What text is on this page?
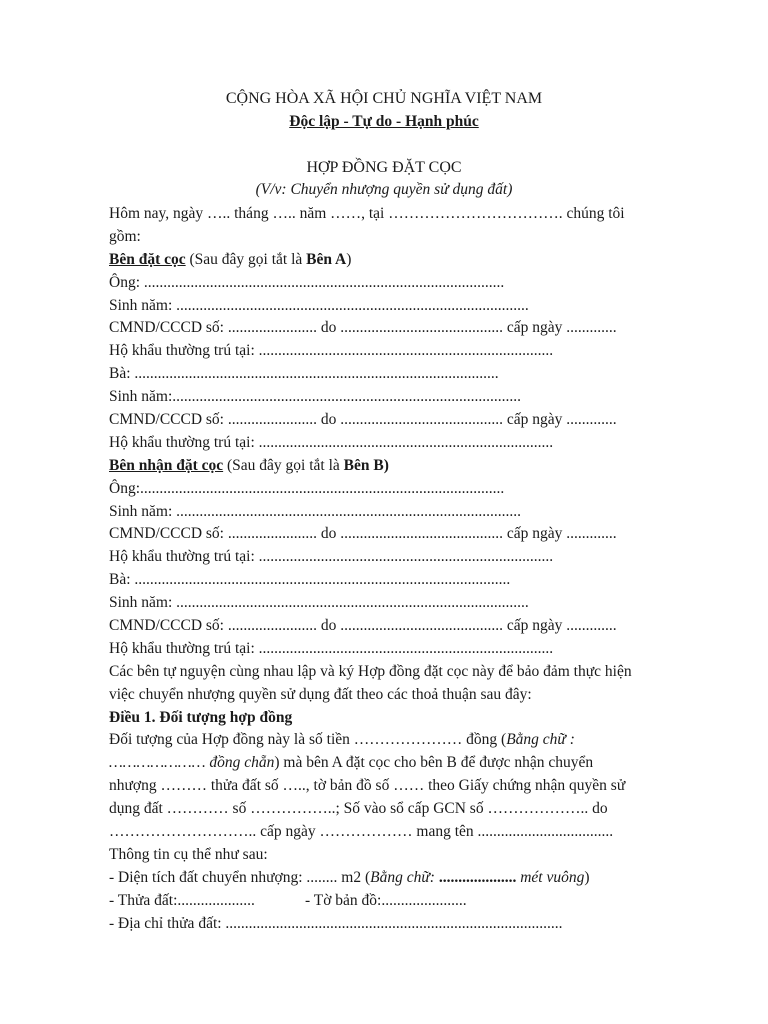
CỘNG HÒA XÃ HỘI CHỦ NGHĨA VIỆT NAM
Độc lập - Tự do - Hạnh phúc
HỢP ĐỒNG ĐẶT CỌC
(V/v: Chuyển nhượng quyền sử dụng đất)
Hôm nay, ngày ….. tháng ….. năm ……, tại ……………………………. chúng tôi
gồm:
Bên đặt cọc (Sau đây gọi tắt là Bên A)
Ông: .............................................................................................
Sinh năm: ...........................................................................................
CMND/CCCD số: ....................... do .......................................... cấp ngày .............
Hộ khẩu thường trú tại: ............................................................................
Bà: ..............................................................................................
Sinh năm:..........................................................................................
CMND/CCCD số: ....................... do .......................................... cấp ngày .............
Hộ khẩu thường trú tại: ............................................................................
Bên nhận đặt cọc (Sau đây gọi tắt là Bên B)
Ông:..............................................................................................
Sinh năm: .........................................................................................
CMND/CCCD số: ....................... do .......................................... cấp ngày .............
Hộ khẩu thường trú tại: ............................................................................
Bà: .................................................................................................
Sinh năm: ...........................................................................................
CMND/CCCD số: ....................... do .......................................... cấp ngày .............
Hộ khẩu thường trú tại: ............................................................................
Các bên tự nguyện cùng nhau lập và ký Hợp đồng đặt cọc này để bảo đảm thực hiện
việc chuyển nhượng quyền sử dụng đất theo các thoả thuận sau đây:
Điều 1. Đối tượng hợp đồng
Đối tượng của Hợp đồng này là số tiền ………………… đồng (Bằng chữ :
………………… đồng chẵn) mà bên A đặt cọc cho bên B để được nhận chuyển
nhượng ……… thửa đất số ….., tờ bản đồ số …… theo Giấy chứng nhận quyền sử
dụng đất ………… số ……………..; Số vào sổ cấp GCN số ……………….. do
……………………….. cấp ngày ……………… mang tên ...................................
Thông tin cụ thể như sau:
- Diện tích đất chuyển nhượng: ........ m2 (Bằng chữ: .................... mét vuông)
- Thửa đất:....................	- Tờ bản đồ:......................
- Địa chỉ thửa đất: .......................................................................................
